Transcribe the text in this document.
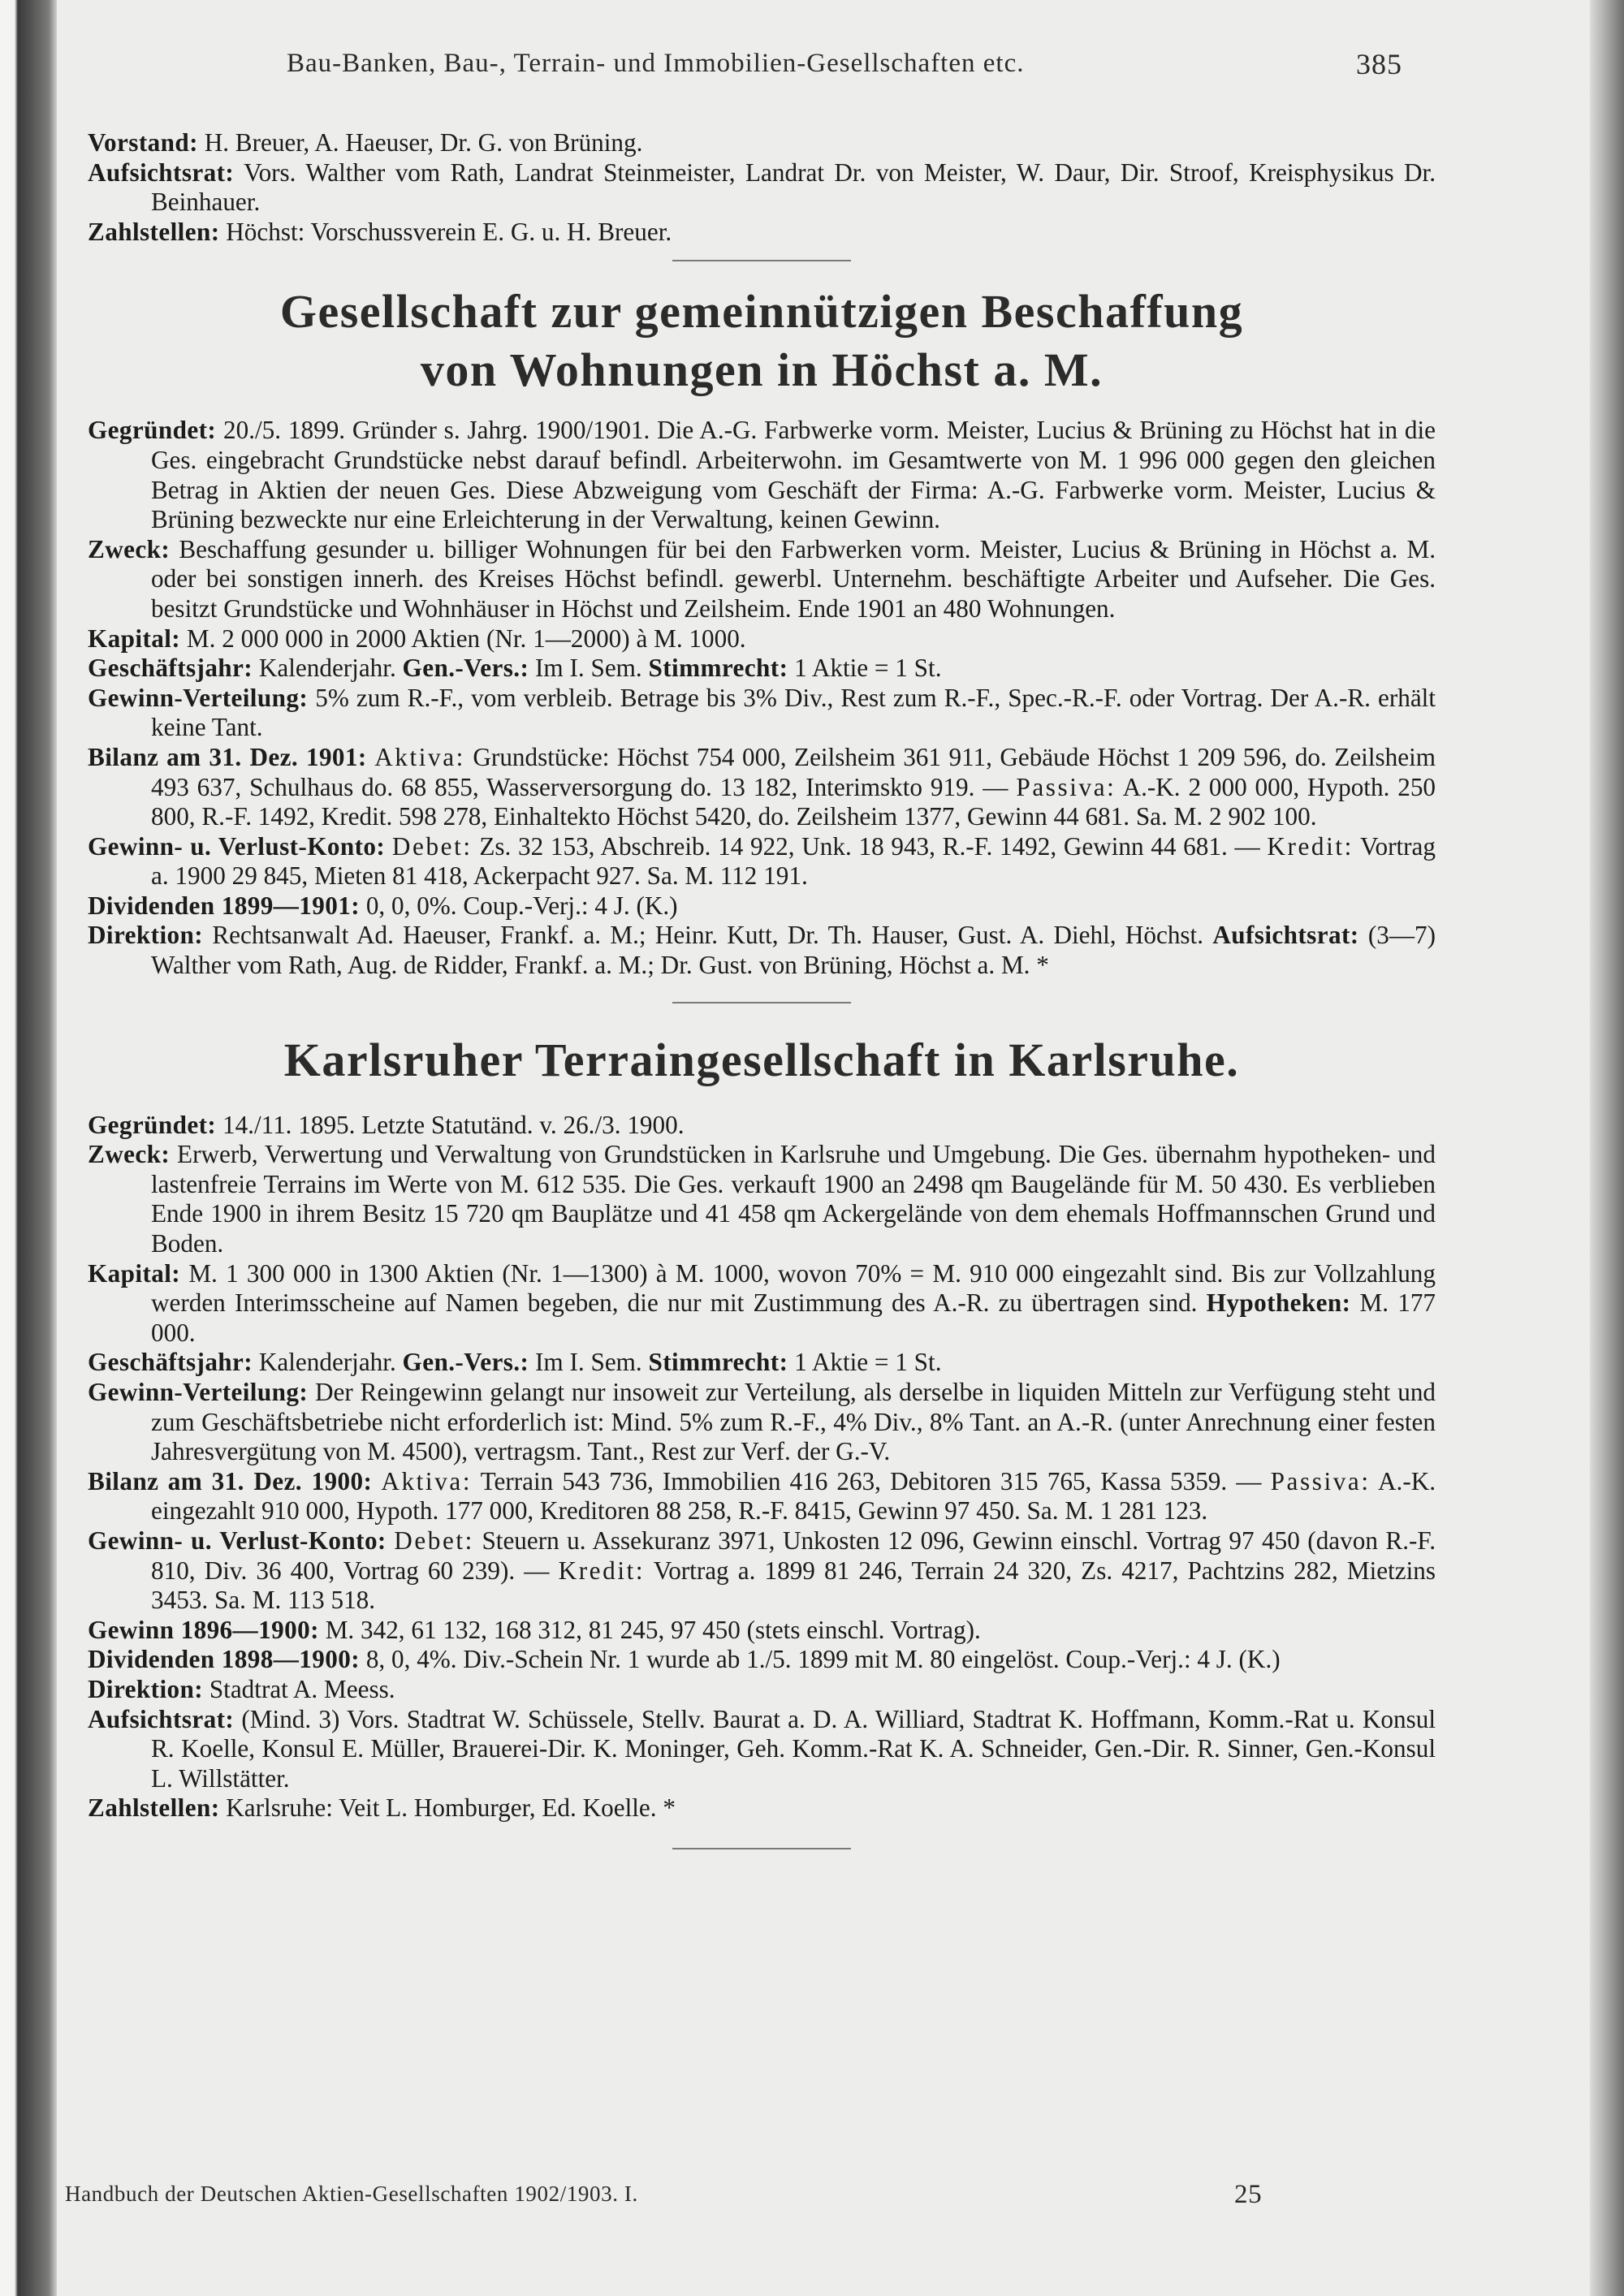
Bau-Banken, Bau-, Terrain- und Immobilien-Gesellschaften etc.	385

Vorstand: H. Breuer, A. Haeuser, Dr. G. von Brüning.

Aufsichtsrat: Vors. Walther vom Rath, Landrat Steinmeister, Landrat Dr. von Meister, W. Daur, Dir. Stroof, Kreisphysikus Dr. Beinhauer.

Zahlstellen: Höchst: Vorschussverein E. G. u. H. Breuer.

Gesellschaft zur gemeinnützigen Beschaffung

von Wohnungen in Höchst a. M.

Gegründet: 20./5. 1899. Gründer s. Jahrg. 1900/1901. Die A.-G. Farbwerke vorm. Meister, Lucius & Brüning zu Höchst hat in die Ges. eingebracht Grundstücke nebst darauf befindl. Arbeiterwohn. im Gesamtwerte von M. 1 996 000 gegen den gleichen Betrag in Aktien der neuen Ges. Diese Abzweigung vom Geschäft der Firma: A.-G. Farbwerke vorm. Meister, Lucius & Brüning bezweckte nur eine Erleichterung in der Verwaltung, keinen Gewinn.

Zweck: Beschaffung gesunder u. billiger Wohnungen für bei den Farbwerken vorm. Meister, Lucius & Brüning in Höchst a. M. oder bei sonstigen innerh. des Kreises Höchst befindl. gewerbl. Unternehm. beschäftigte Arbeiter und Aufseher. Die Ges. besitzt Grundstücke und Wohnhäuser in Höchst und Zeilsheim. Ende 1901 an 480 Wohnungen.

Kapital: M. 2 000 000 in 2000 Aktien (Nr. 1—2000) à M. 1000.

Geschäftsjahr: Kalenderjahr. Gen.-Vers.: Im I. Sem. Stimmrecht: 1 Aktie = 1 St.

Gewinn-Verteilung: 5% zum R.-F., vom verbleib. Betrage bis 3% Div., Rest zum R.-F., Spec.-R.-F. oder Vortrag. Der A.-R. erhält keine Tant.

Bilanz am 31. Dez. 1901: Aktiva: Grundstücke: Höchst 754 000, Zeilsheim 361 911, Gebäude Höchst 1 209 596, do. Zeilsheim 493 637, Schulhaus do. 68 855, Wasserversorgung do. 13 182, Interimskto 919. — Passiva: A.-K. 2 000 000, Hypoth. 250 800, R.-F. 1492, Kredit. 598 278, Einhaltekto Höchst 5420, do. Zeilsheim 1377, Gewinn 44 681. Sa. M. 2 902 100.

Gewinn- u. Verlust-Konto: Debet: Zs. 32 153, Abschreib. 14 922, Unk. 18 943, R.-F. 1492, Gewinn 44 681. — Kredit: Vortrag a. 1900 29 845, Mieten 81 418, Ackerpacht 927. Sa. M. 112 191.

Dividenden 1899—1901: 0, 0, 0%. Coup.-Verj.: 4 J. (K.)

Direktion: Rechtsanwalt Ad. Haeuser, Frankf. a. M.; Heinr. Kutt, Dr. Th. Hauser, Gust. A. Diehl, Höchst. Aufsichtsrat: (3—7) Walther vom Rath, Aug. de Ridder, Frankf. a. M.; Dr. Gust. von Brüning, Höchst a. M. *

Karlsruher Terraingesellschaft in Karlsruhe.

Gegründet: 14./11. 1895. Letzte Statutänd. v. 26./3. 1900.

Zweck: Erwerb, Verwertung und Verwaltung von Grundstücken in Karlsruhe und Umgebung. Die Ges. übernahm hypotheken- und lastenfreie Terrains im Werte von M. 612 535. Die Ges. verkauft 1900 an 2498 qm Baugelände für M. 50 430. Es verblieben Ende 1900 in ihrem Besitz 15 720 qm Bauplätze und 41 458 qm Ackergelände von dem ehemals Hoffmannschen Grund und Boden.

Kapital: M. 1 300 000 in 1300 Aktien (Nr. 1—1300) à M. 1000, wovon 70% = M. 910 000 eingezahlt sind. Bis zur Vollzahlung werden Interimsscheine auf Namen begeben, die nur mit Zustimmung des A.-R. zu übertragen sind. Hypotheken: M. 177 000.

Geschäftsjahr: Kalenderjahr. Gen.-Vers.: Im I. Sem. Stimmrecht: 1 Aktie = 1 St.

Gewinn-Verteilung: Der Reingewinn gelangt nur insoweit zur Verteilung, als derselbe in liquiden Mitteln zur Verfügung steht und zum Geschäftsbetriebe nicht erforderlich ist: Mind. 5% zum R.-F., 4% Div., 8% Tant. an A.-R. (unter Anrechnung einer festen Jahresvergütung von M. 4500), vertragsm. Tant., Rest zur Verf. der G.-V.

Bilanz am 31. Dez. 1900: Aktiva: Terrain 543 736, Immobilien 416 263, Debitoren 315 765, Kassa 5359. — Passiva: A.-K. eingezahlt 910 000, Hypoth. 177 000, Kreditoren 88 258, R.-F. 8415, Gewinn 97 450. Sa. M. 1 281 123.

Gewinn- u. Verlust-Konto: Debet: Steuern u. Assekuranz 3971, Unkosten 12 096, Gewinn einschl. Vortrag 97 450 (davon R.-F. 810, Div. 36 400, Vortrag 60 239). — Kredit: Vortrag a. 1899 81 246, Terrain 24 320, Zs. 4217, Pachtzins 282, Mietzins 3453. Sa. M. 113 518.

Gewinn 1896—1900: M. 342, 61 132, 168 312, 81 245, 97 450 (stets einschl. Vortrag).

Dividenden 1898—1900: 8, 0, 4%. Div.-Schein Nr. 1 wurde ab 1./5. 1899 mit M. 80 eingelöst. Coup.-Verj.: 4 J. (K.)

Direktion: Stadtrat A. Meess.

Aufsichtsrat: (Mind. 3) Vors. Stadtrat W. Schüssele, Stellv. Baurat a. D. A. Williard, Stadtrat K. Hoffmann, Komm.-Rat u. Konsul R. Koelle, Konsul E. Müller, Brauerei-Dir. K. Moninger, Geh. Komm.-Rat K. A. Schneider, Gen.-Dir. R. Sinner, Gen.-Konsul L. Willstätter.

Zahlstellen: Karlsruhe: Veit L. Homburger, Ed. Koelle. *

Handbuch der Deutschen Aktien-Gesellschaften 1902/1903. I.	25
